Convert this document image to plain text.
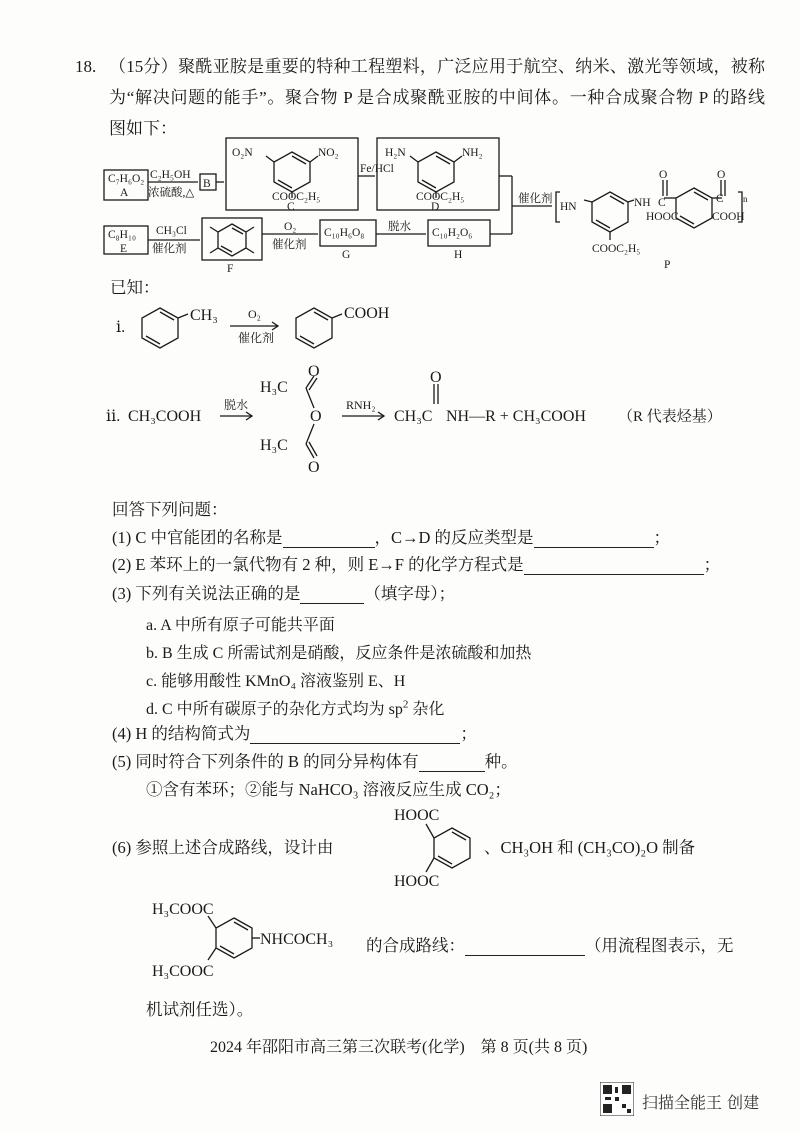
18. （15分）聚酰亚胺是重要的特种工程塑料，广泛应用于航空、纳米、激光等领域，被称
为“解决问题的能手”。聚合物 P 是合成聚酰亚胺的中间体。一种合成聚合物 P 的路线
图如下：
C₇H₆O₂
A
C₂H₅OH
浓硫酸,△
B
O₂N	NO₂
COOC₂H₅
C
Fe/HCl
H₂N	NH₂
COOC₂H₅
D
C₈H₁₀
E
CH₃Cl
催化剂
F
O₂
催化剂
C₁₀H₆O₈
G
脱水 C₁₀H₂O₆
H
催化剂
HN	NH C	C
O	O
HOOC	COOH
COOC₂H₅
n
P
已知：
ⅰ.
CH₃	O₂
催化剂
COOH
ⅱ. CH₃COOH
脱水
H₃C
H₃C
O
O
O
RNH₂
O
CH₃C NH—R + CH₃COOH （R 代表烃基）
回答下列问题：
(1) C 中官能团的名称是	，C→D 的反应类型是	；
(2) E 苯环上的一氯代物有 2 种，则 E→F 的化学方程式是	；
(3) 下列有关说法正确的是	（填字母）；
a. A 中所有原子可能共平面
b. B 生成 C 所需试剂是硝酸，反应条件是浓硫酸和加热
c. 能够用酸性 KMnO₄ 溶液鉴别 E、H
d. C 中所有碳原子的杂化方式均为 $sp^2$ 杂化
(4) H 的结构简式为	；
(5) 同时符合下列条件的 B 的同分异构体有	种。
①含有苯环；②能与 NaHCO₃ 溶液反应生成 CO₂；
HOOC
HOOC
H₃COOC
H₃COOC
NHCOCH₃
(6) 参照上述合成路线，设计由	、CH₃OH 和 (CH₃CO)₂O 制备
的合成路线：	（用流程图表示，无
机试剂任选）。
2024 年邵阳市高三第三次联考(化学)　第 8 页(共 8 页)
扫描全能王 创建
